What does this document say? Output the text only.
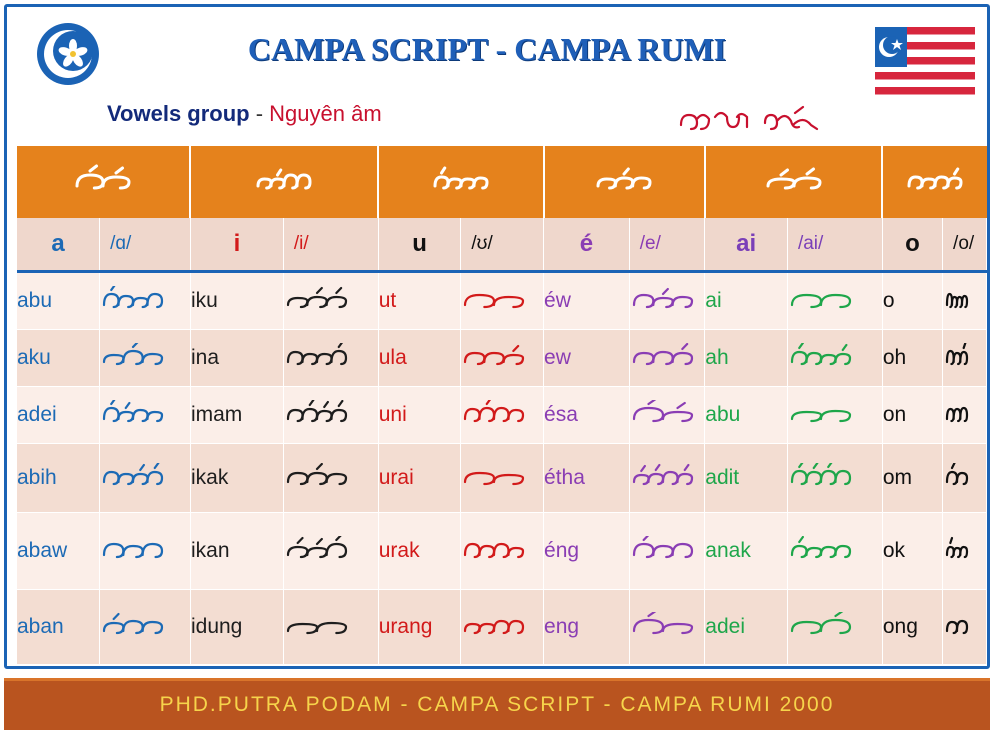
CAMPA SCRIPT - CAMPA RUMI
Vowels group - Nguyên âm

a	/ɑ/	i	/i/	u	/ʊ/	é	/e/	ai	/ai/	o	/o/
abu		iku		ut		éw		ai		o	

aku		ina		ula		ew		ah		oh	

adei		imam		uni		ésa		abu		on	

abih		ikak		urai		étha		adit		om	

abaw		ikan		urak		éng		anak		ok	

aban		idung		urang		eng		adei		ong	
PHD.PUTRA PODAM - CAMPA SCRIPT - CAMPA RUMI 2000
